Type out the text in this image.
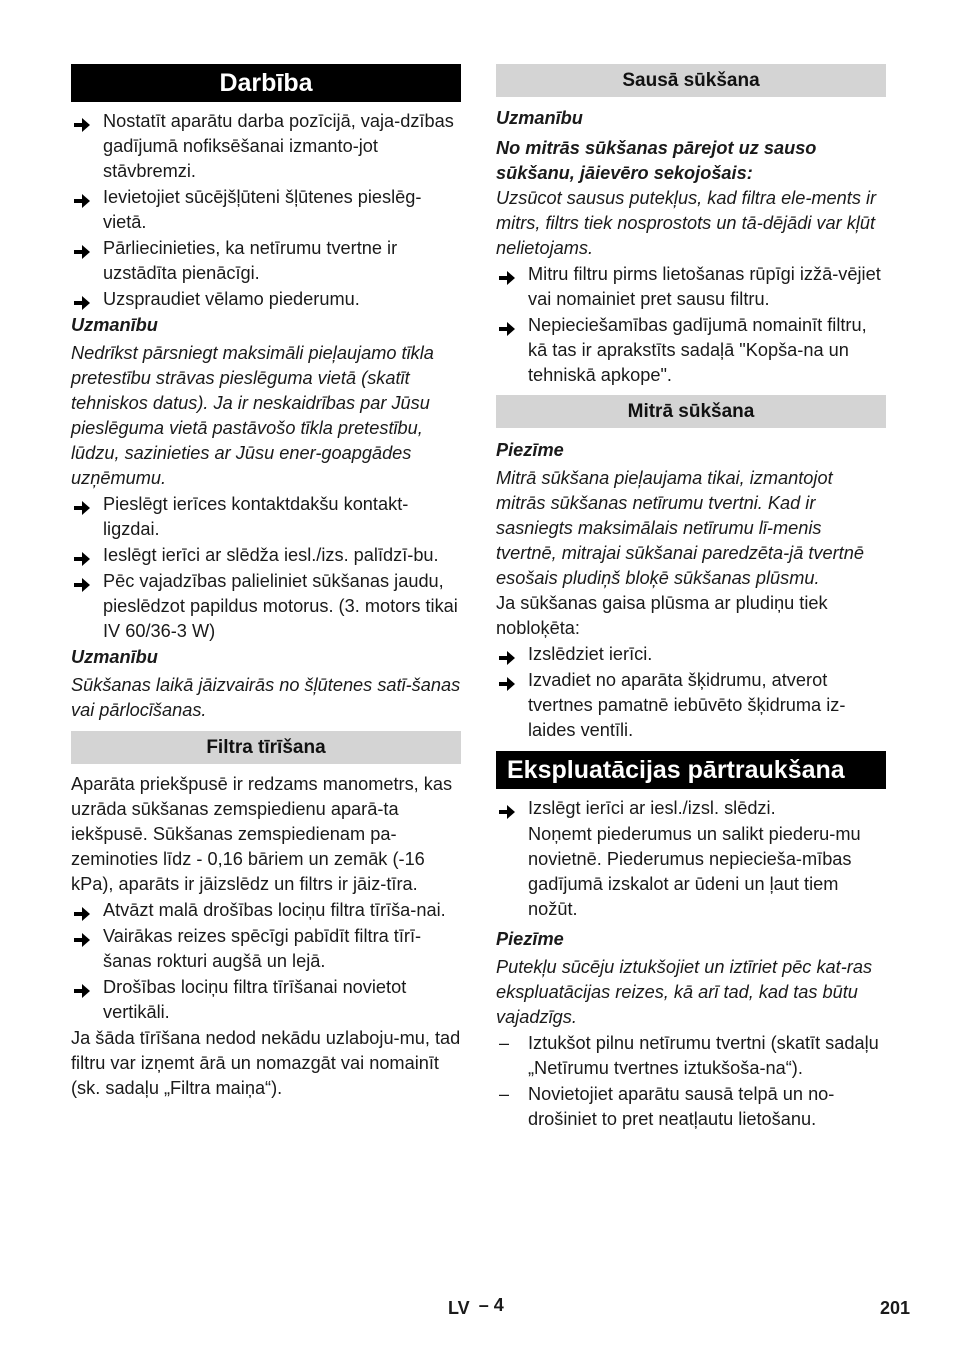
Darbība
Nostatīt aparātu darba pozīcijā, vaja-dzības gadījumā nofiksēšanai izmanto-jot stāvbremzi.
Ievietojiet sūcējšļūteni šļūtenes pieslēg-vietā.
Pārliecinieties, ka netīrumu tvertne ir uzstādīta pienācīgi.
Uzspraudiet vēlamo piederumu.

Uzmanību

Nedrīkst pārsniegt maksimāli pieļaujamo tīkla pretestību strāvas pieslēguma vietā (skatīt tehniskos datus). Ja ir neskaidrības par Jūsu pieslēguma vietā pastāvošo tīkla pretestību, lūdzu, sazinieties ar Jūsu ener-goapgādes uzņēmumu.

Pieslēgt ierīces kontaktdakšu kontakt-ligzdai.
Ieslēgt ierīci ar slēdža iesl./izs. palīdzī-bu.
Pēc vajadzības palieliniet sūkšanas jaudu, pieslēdzot papildus motorus. (3. motors tikai IV 60/36-3 W)

Uzmanību

Sūkšanas laikā jāizvairās no šļūtenes satī-šanas vai pārlocīšanas.

Filtra tīrīšana

Aparāta priekšpusē ir redzams manometrs, kas uzrāda sūkšanas zemspiedienu aparā-ta iekšpusē. Sūkšanas zemspiedienam pa-zeminoties līdz - 0,16 bāriem un zemāk (-16 kPa), aparāts ir jāizslēdz un filtrs ir jāiz-tīra.

Atvāzt malā drošības lociņu filtra tīrīša-nai.
Vairākas reizes spēcīgi pabīdīt filtra tīrī-šanas rokturi augšā un lejā.
Drošības lociņu filtra tīrīšanai novietot vertikāli.

Ja šāda tīrīšana nedod nekādu uzlaboju-mu, tad filtru var izņemt ārā un nomazgāt vai nomainīt (sk. sadaļu „Filtra maiņa“).

Sausā sūkšana

Uzmanību

No mitrās sūkšanas pārejot uz sauso sūkšanu, jāievēro sekojošais:

Uzsūcot sausus putekļus, kad filtra ele-ments ir mitrs, filtrs tiek nosprostots un tā-dējādi var kļūt nelietojams.

Mitru filtru pirms lietošanas rūpīgi izžā-vējiet vai nomainiet pret sausu filtru.
Nepieciešamības gadījumā nomainīt filtru, kā tas ir aprakstīts sadaļā "Kopša-na un tehniskā apkope".
Mitrā sūkšana

Piezīme

Mitrā sūkšana pieļaujama tikai, izmantojot mitrās sūkšanas netīrumu tvertni. Kad ir sasniegts maksimālais netīrumu lī-menis tvertnē, mitrajai sūkšanai paredzēta-jā tvertnē esošais pludiņš bloķē sūkšanas plūsmu.

Ja sūkšanas gaisa plūsma ar pludiņu tiek nobloķēta:

Izslēdziet ierīci.
Izvadiet no aparāta šķidrumu, atverot tvertnes pamatnē iebūvēto šķidruma iz-laides ventīli.
Ekspluatācijas pārtraukšana
Izslēgt ierīci ar iesl./izsl. slēdzi.

Noņemt piederumus un salikt piederu-mu novietnē. Piederumus nepiecieša-mības gadījumā izskalot ar ūdeni un ļaut tiem nožūt.

Piezīme

Putekļu sūcēju iztukšojiet un iztīriet pēc kat-ras ekspluatācijas reizes, kā arī tad, kad tas būtu vajadzīgs.

– Iztukšot pilnu netīrumu tvertni (skatīt sadaļu „Netīrumu tvertnes iztukšoša-na“).
– Novietojiet aparātu sausā telpā un no-drošiniet to pret neatļautu lietošanu.
LV – 4	201
